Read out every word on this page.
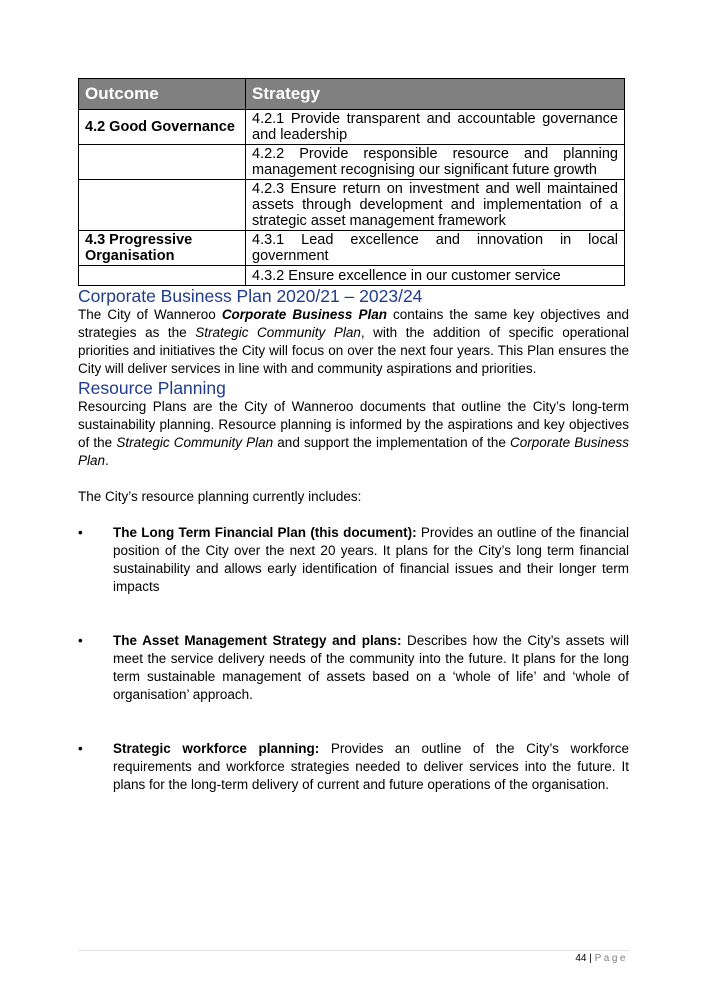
Outcome	Strategy
4.2 Good Governance	4.2.1 Provide transparent and accountable governance and leadership
	4.2.2 Provide responsible resource and planning management recognising our significant future growth
	4.2.3 Ensure return on investment and well maintained assets through development and implementation of a strategic asset management framework
4.3 Progressive Organisation	4.3.1 Lead excellence and innovation in local government
	4.3.2 Ensure excellence in our customer service
Corporate Business Plan 2020/21 – 2023/24

The City of Wanneroo Corporate Business Plan contains the same key objectives and strategies as the Strategic Community Plan, with the addition of specific operational priorities and initiatives the City will focus on over the next four years. This Plan ensures the City will deliver services in line with and community aspirations and priorities.

Resource Planning

Resourcing Plans are the City of Wanneroo documents that outline the City’s long-term sustainability planning. Resource planning is informed by the aspirations and key objectives of the Strategic Community Plan and support the implementation of the Corporate Business Plan.

The City’s resource planning currently includes:

• The Long Term Financial Plan (this document): Provides an outline of the financial position of the City over the next 20 years. It plans for the City’s long term financial sustainability and allows early identification of financial issues and their longer term impacts
• The Asset Management Strategy and plans: Describes how the City’s assets will meet the service delivery needs of the community into the future. It plans for the long term sustainable management of assets based on a ‘whole of life’ and ‘whole of organisation’ approach.
• Strategic workforce planning: Provides an outline of the City’s workforce requirements and workforce strategies needed to deliver services into the future. It plans for the long-term delivery of current and future operations of the organisation.
44 | Page
